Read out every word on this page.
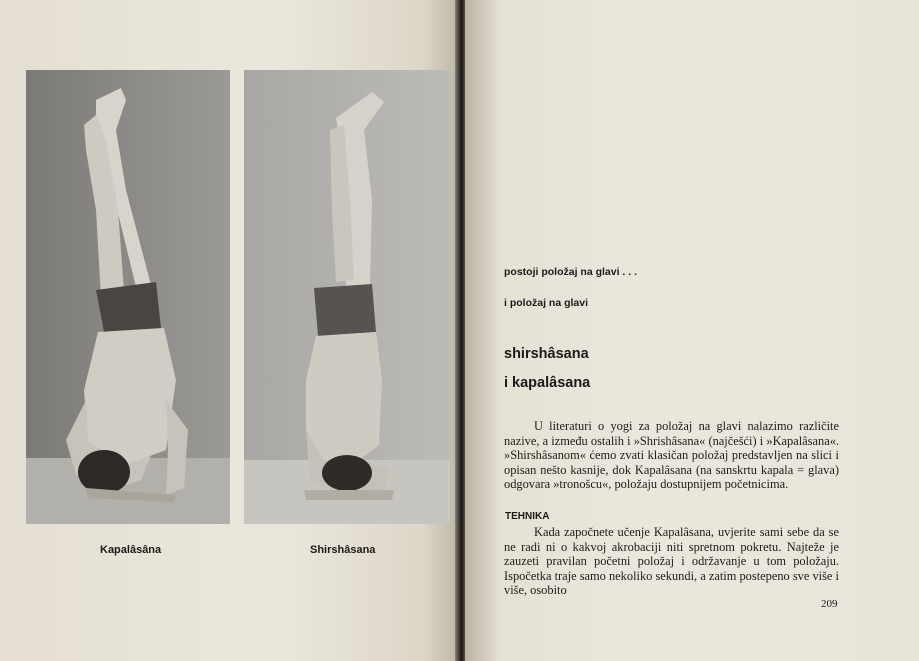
Kapalâsâna	Shirshâsana
postoji položaj na glavi . . .
i položaj na glavi
shirshâsana
i kapalâsana

U literaturi o yogi za položaj na glavi nalazimo različite nazive, a između ostalih i »Shrishâsana« (najčešći) i »Kapalâsana«. »Shirshâsanom« ćemo zvati klasičan položaj predstavljen na slici i opisan nešto kasnije, dok Kapalâsana (na sanskrtu kapala = glava) odgovara »tronošcu«, položaju dostupnijem početnicima.

TEHNIKA

Kada započnete učenje Kapalâsana, uvjerite sami sebe da se ne radi ni o kakvoj akrobaciji niti spretnom pokretu. Najteže je zauzeti pravilan početni položaj i održavanje u tom položaju. Ispočetka traje samo nekoliko sekundi, a zatim postepeno sve više i više, osobito

209
